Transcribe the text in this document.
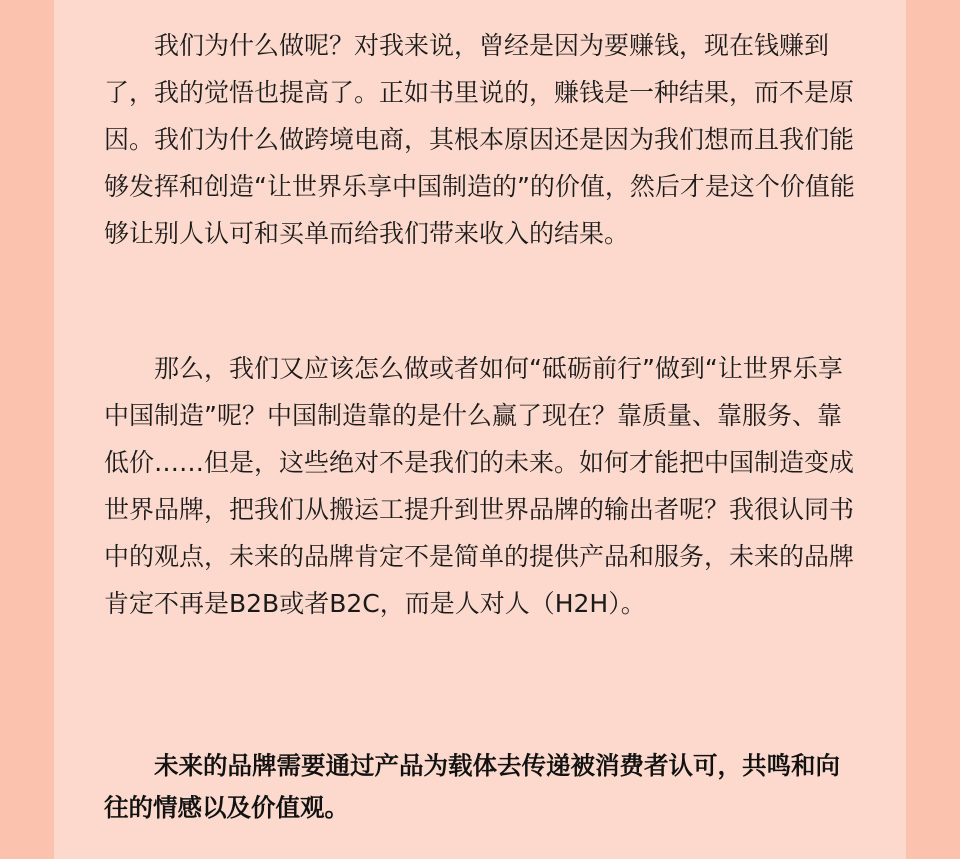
我们为什么做呢？对我来说，曾经是因为要赚钱，现在钱赚到了，我的觉悟也提高了。正如书里说的，赚钱是一种结果，而不是原因。我们为什么做跨境电商，其根本原因还是因为我们想而且我们能够发挥和创造“让世界乐享中国制造的”的价值，然后才是这个价值能够让别人认可和买单而给我们带来收入的结果。

那么，我们又应该怎么做或者如何“砥砺前行”做到“让世界乐享中国制造”呢？中国制造靠的是什么赢了现在？靠质量、靠服务、靠低价……但是，这些绝对不是我们的未来。如何才能把中国制造变成世界品牌，把我们从搬运工提升到世界品牌的输出者呢？我很认同书中的观点，未来的品牌肯定不是简单的提供产品和服务，未来的品牌肯定不再是B2B或者B2C，而是人对人（H2H）。

未来的品牌需要通过产品为载体去传递被消费者认可，共鸣和向往的情感以及价值观。
